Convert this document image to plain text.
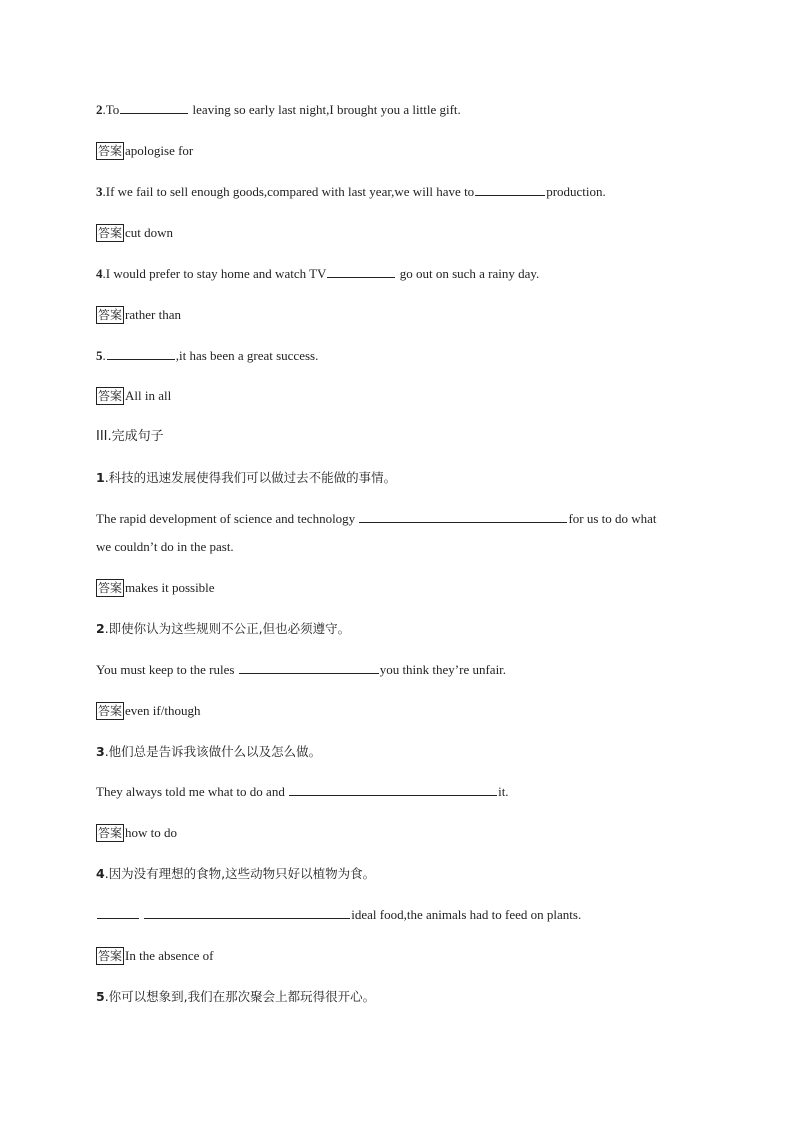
2.To	leaving so early last night,I brought you a little gift.
答案 apologise for
3.If we fail to sell enough goods,compared with last year,we will have to	production.
答案 cut down
4.I would prefer to stay home and watch TV	go out on such a rainy day.
答案 rather than
5.	,it has been a great success.
答案 All in all
III.完成句子
1.科技的迅速发展使得我们可以做过去不能做的事情。
The rapid development of science and technology	for us to do what
we couldn’t do in the past.
答案 makes it possible
2.即使你认为这些规则不公正,但也必须遵守。
You must keep to the rules	you think they’re unfair.
答案 even if/though
3.他们总是告诉我该做什么以及怎么做。
They always told me what to do and	it.
答案 how to do
4.因为没有理想的食物,这些动物只好以植物为食。
ideal food,the animals had to feed on plants.
答案 In the absence of
5.你可以想象到,我们在那次聚会上都玩得很开心。
